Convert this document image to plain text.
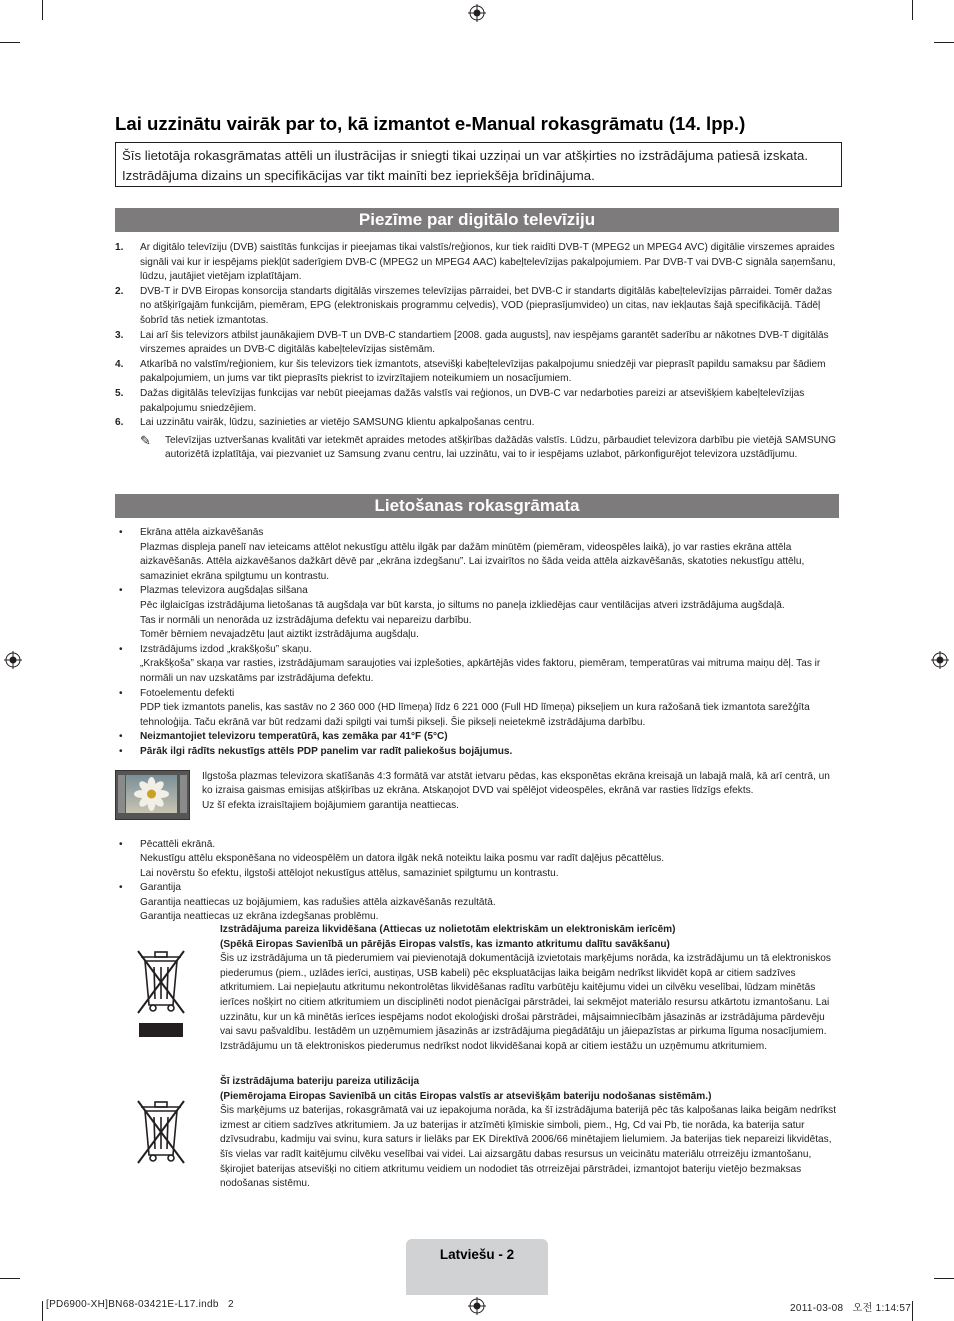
Lai uzzinātu vairāk par to, kā izmantot e-Manual rokasgrāmatu (14. lpp.)
Šīs lietotāja rokasgrāmatas attēli un ilustrācijas ir sniegti tikai uzziņai un var atšķirties no izstrādājuma patiesā izskata. Izstrādājuma dizains un specifikācijas var tikt mainīti bez iepriekšēja brīdinājuma.
Piezīme par digitālo televīziju
1.	Ar digitālo televīziju (DVB) saistītās funkcijas ir pieejamas tikai valstīs/reģionos, kur tiek raidīti DVB-T (MPEG2 un MPEG4 AVC) digitālie virszemes apraides signāli vai kur ir iespējams piekļūt saderīgiem DVB-C (MPEG2 un MPEG4 AAC) kabeļtelevīzijas pakalpojumiem. Par DVB-T vai DVB-C signāla saņemšanu, lūdzu, jautājiet vietējam izplatītājam.
2.	DVB-T ir DVB Eiropas konsorcija standarts digitālās virszemes televīzijas pārraidei, bet DVB-C ir standarts digitālās kabeļtelevīzijas pārraidei. Tomēr dažas no atšķirīgajām funkcijām, piemēram, EPG (elektroniskais programmu ceļvedis), VOD (pieprasījumvideo) un citas, nav iekļautas šajā specifikācijā. Tādēļ šobrīd tās netiek izmantotas.
3.	Lai arī šis televizors atbilst jaunākajiem DVB-T un DVB-C standartiem [2008. gada augusts], nav iespējams garantēt saderību ar nākotnes DVB-T digitālās virszemes apraides un DVB-C digitālās kabeļtelevīzijas sistēmām.
4.	Atkarībā no valstīm/reģioniem, kur šis televizors tiek izmantots, atsevišķi kabeļtelevīzijas pakalpojumu sniedzēji var pieprasīt papildu samaksu par šādiem pakalpojumiem, un jums var tikt pieprasīts piekrist to izvirzītajiem noteikumiem un nosacījumiem.
5.	Dažas digitālās televīzijas funkcijas var nebūt pieejamas dažās valstīs vai reģionos, un DVB-C var nedarboties pareizi ar atsevišķiem kabeļtelevīzijas pakalpojumu sniedzējiem.
6.	Lai uzzinātu vairāk, lūdzu, sazinieties ar vietējo SAMSUNG klientu apkalpošanas centru.
✎	Televīzijas uztveršanas kvalitāti var ietekmēt apraides metodes atšķirības dažādās valstīs. Lūdzu, pārbaudiet televizora darbību pie vietējā SAMSUNG autorizētā izplatītāja, vai piezvaniet uz Samsung zvanu centru, lai uzzinātu, vai to ir iespējams uzlabot, pārkonfigurējot televizora uzstādījumu.
Lietošanas rokasgrāmata
•	Ekrāna attēla aizkavēšanās
Plazmas displeja panelī nav ieteicams attēlot nekustīgu attēlu ilgāk par dažām minūtēm (piemēram, videospēles laikā), jo var rasties ekrāna attēla aizkavēšanās. Attēla aizkavēšanos dažkārt dēvē par „ekrāna izdegšanu”. Lai izvairītos no šāda veida attēla aizkavēšanās, skatoties nekustīgu attēlu, samaziniet ekrāna spilgtumu un kontrastu.
•	Plazmas televizora augšdaļas silšana
Pēc ilglaicīgas izstrādājuma lietošanas tā augšdaļa var būt karsta, jo siltums no paneļa izkliedējas caur ventilācijas atveri izstrādājuma augšdaļā.
Tas ir normāli un nenorāda uz izstrādājuma defektu vai nepareizu darbību.
Tomēr bērniem nevajadzētu ļaut aiztikt izstrādājuma augšdaļu.
•	Izstrādājums izdod „krakšķošu” skaņu.
„Krakšķoša” skaņa var rasties, izstrādājumam saraujoties vai izplešoties, apkārtējās vides faktoru, piemēram, temperatūras vai mitruma maiņu dēļ. Tas ir normāli un nav uzskatāms par izstrādājuma defektu.
•	Fotoelementu defekti
PDP tiek izmantots panelis, kas sastāv no 2 360 000 (HD līmeņa) līdz 6 221 000 (Full HD līmeņa) pikseļiem un kura ražošanā tiek izmantota sarežģīta tehnoloģija. Taču ekrānā var būt redzami daži spilgti vai tumši pikseļi. Šie pikseļi neietekmē izstrādājuma darbību.
•	Neizmantojiet televizoru temperatūrā, kas zemāka par 41°F (5°C)
•	Pārāk ilgi rādīts nekustīgs attēls PDP panelim var radīt paliekošus bojājumus.
Ilgstoša plazmas televizora skatīšanās 4:3 formātā var atstāt ietvaru pēdas, kas eksponētas ekrāna kreisajā un labajā malā, kā arī centrā, un ko izraisa gaismas emisijas atšķirības uz ekrāna. Atskaņojot DVD vai spēlējot videospēles, ekrānā var rasties līdzīgs efekts.
Uz šī efekta izraisītajiem bojājumiem garantija neattiecas.
•	Pēcattēli ekrānā.
Nekustīgu attēlu eksponēšana no videospēlēm un datora ilgāk nekā noteiktu laika posmu var radīt daļējus pēcattēlus.
Lai novērstu šo efektu, ilgstoši attēlojot nekustīgus attēlus, samaziniet spilgtumu un kontrastu.
•	Garantija
Garantija neattiecas uz bojājumiem, kas radušies attēla aizkavēšanās rezultātā.
Garantija neattiecas uz ekrāna izdegšanas problēmu.
Izstrādājuma pareiza likvidēšana (Attiecas uz nolietotām elektriskām un elektroniskām ierīcēm)
(Spēkā Eiropas Savienībā un pārējās Eiropas valstīs, kas izmanto atkritumu dalītu savākšanu)
Šis uz izstrādājuma un tā piederumiem vai pievienotajā dokumentācijā izvietotais marķējums norāda, ka izstrādājumu un tā elektroniskos piederumus (piem., uzlādes ierīci, austiņas, USB kabeli) pēc ekspluatācijas laika beigām nedrīkst likvidēt kopā ar citiem sadzīves atkritumiem. Lai nepieļautu atkritumu nekontrolētas likvidēšanas radītu varbūtēju kaitējumu videi un cilvēku veselībai, lūdzam minētās ierīces nošķirt no citiem atkritumiem un disciplinēti nodot pienācīgai pārstrādei, lai sekmējot materiālo resursu atkārtotu izmantošanu. Lai uzzinātu, kur un kā minētās ierīces iespējams nodot ekoloģiski drošai pārstrādei, mājsaimniecībām jāsazinās ar izstrādājuma pārdevēju vai savu pašvaldību. Iestādēm un uzņēmumiem jāsazinās ar izstrādājuma piegādātāju un jāiepazīstas ar pirkuma līguma nosacījumiem. Izstrādājumu un tā elektroniskos piederumus nedrīkst nodot likvidēšanai kopā ar citiem iestāžu un uzņēmumu atkritumiem.
Šī izstrādājuma bateriju pareiza utilizācija
(Piemērojama Eiropas Savienībā un citās Eiropas valstīs ar atsevišķām bateriju nodošanas sistēmām.)
Šis marķējums uz baterijas, rokasgrāmatā vai uz iepakojuma norāda, ka šī izstrādājuma baterijā pēc tās kalpošanas laika beigām nedrīkst izmest ar citiem sadzīves atkritumiem. Ja uz baterijas ir atzīmēti ķīmiskie simboli, piem., Hg, Cd vai Pb, tie norāda, ka baterija satur dzīvsudrabu, kadmiju vai svinu, kura saturs ir lielāks par EK Direktīvā 2006/66 minētajiem lielumiem. Ja baterijas tiek nepareizi likvidētas, šīs vielas var radīt kaitējumu cilvēku veselībai vai videi. Lai aizsargātu dabas resursus un veicinātu materiālu otrreizēju izmantošanu, šķirojiet baterijas atsevišķi no citiem atkritumu veidiem un nododiet tās otrreizējai pārstrādei, izmantojot bateriju vietējo bezmaksas nodošanas sistēmu.
Latviešu - 2
[PD6900-XH]BN68-03421E-L17.indb   2	2011-03-08   오전 1:14:57
